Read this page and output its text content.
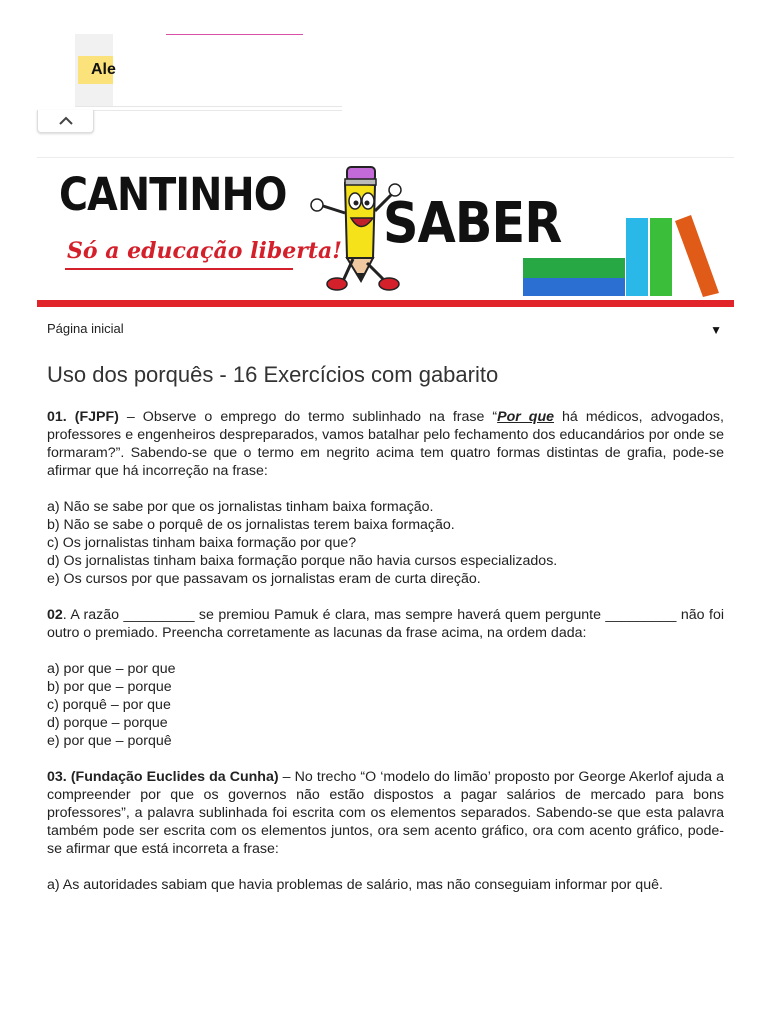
Ale
CANTINHO
Só a educação liberta! SABER
Página inicial	▼
Uso dos porquês - 16 Exercícios com gabarito

01. (FJPF) – Observe o emprego do termo sublinhado na frase “Por que há médicos, advogados, professores e engenheiros despreparados, vamos batalhar pelo fechamento dos educandários por onde se formaram?”. Sabendo-se que o termo em negrito acima tem quatro formas distintas de grafia, pode-se afirmar que há incorreção na frase:

a) Não se sabe por que os jornalistas tinham baixa formação.

b) Não se sabe o porquê de os jornalistas terem baixa formação.

c) Os jornalistas tinham baixa formação por que?

d) Os jornalistas tinham baixa formação porque não havia cursos especializados.

e) Os cursos por que passavam os jornalistas eram de curta direção.

02. A razão _________ se premiou Pamuk é clara, mas sempre haverá quem pergunte _________ não foi outro o premiado. Preencha corretamente as lacunas da frase acima, na ordem dada:

a) por que – por que

b) por que – porque

c) porquê – por que

d) porque – porque

e) por que – porquê

03. (Fundação Euclides da Cunha) – No trecho “O ‘modelo do limão’ proposto por George Akerlof ajuda a compreender por que os governos não estão dispostos a pagar salários de mercado para bons professores”, a palavra sublinhada foi escrita com os elementos separados. Sabendo-se que esta palavra também pode ser escrita com os elementos juntos, ora sem acento gráfico, ora com acento gráfico, pode-se afirmar que está incorreta a frase:

a) As autoridades sabiam que havia problemas de salário, mas não conseguiam informar por quê.
